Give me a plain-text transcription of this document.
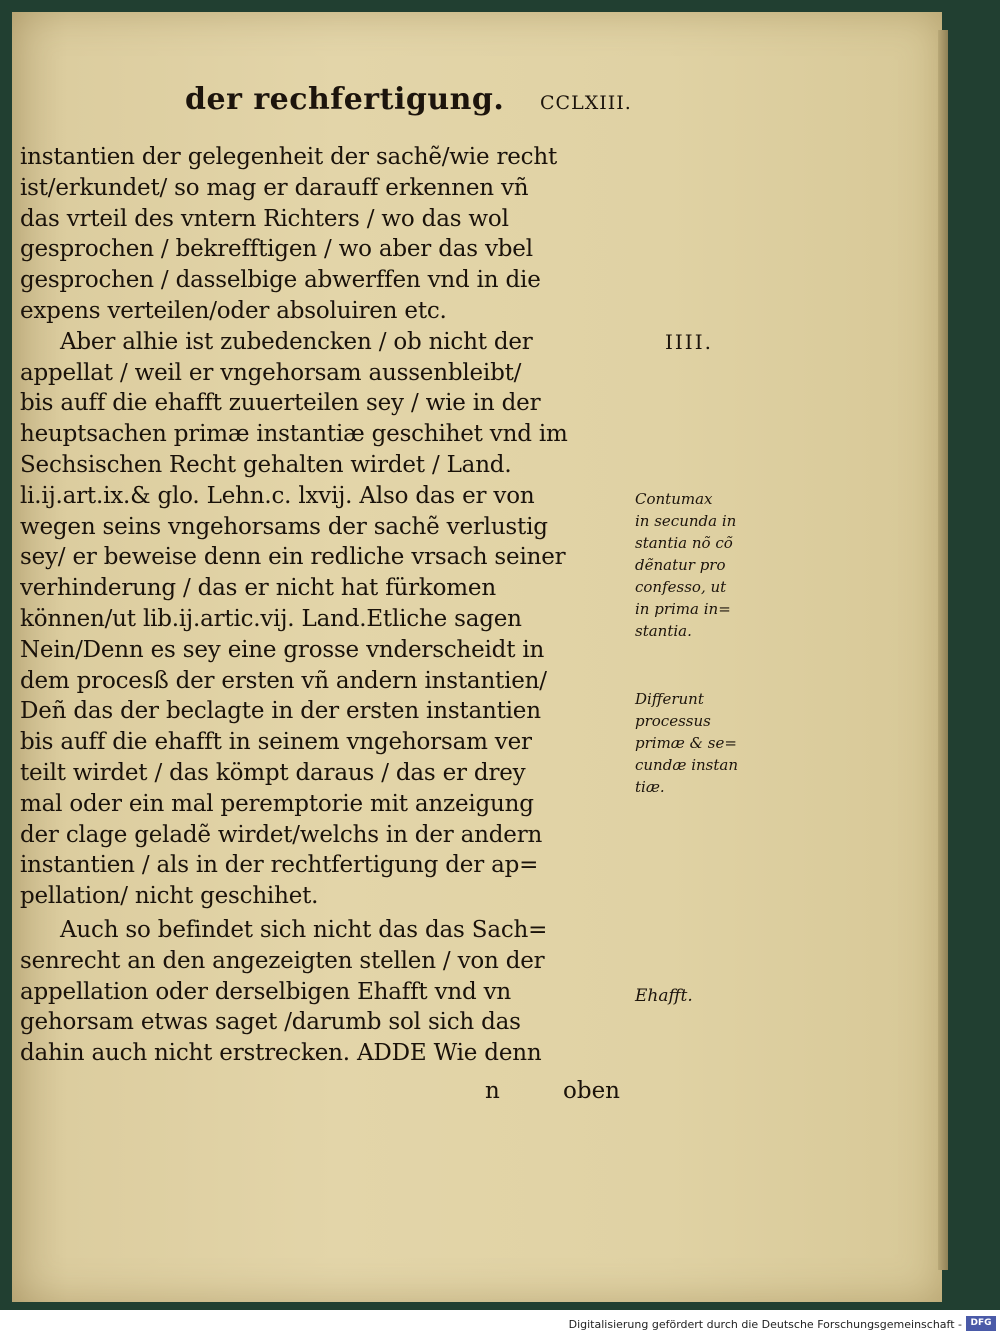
der rechfertigung. CCLXIII.
instantien der gelegenheit der sachẽ/wie recht
ist/erkundet/ so mag er darauff erkennen vñ
das vrteil des vntern Richters / wo das wol
gesprochen / bekrefftigen / wo aber das vbel
gesprochen / dasselbige abwerffen vnd in die
expens verteilen/oder absoluiren etc.
Aber alhie ist zubedencken / ob nicht der
appellat / weil er vngehorsam aussenbleibt/
bis auff die ehafft zuuerteilen sey / wie in der
heuptsachen primæ instantiæ geschihet vnd im
Sechsischen Recht gehalten wirdet / Land.
li.ij.art.ix.& glo. Lehn.c. lxvij. Also das er von
wegen seins vngehorsams der sachẽ verlustig
sey/ er beweise denn ein redliche vrsach seiner
verhinderung / das er nicht hat fürkomen
können/ut lib.ij.artic.vij. Land.Etliche sagen
Nein/Denn es sey eine grosse vnderscheidt in
dem procesß der ersten vñ andern instantien/
Deñ das der beclagte in der ersten instantien
bis auff die ehafft in seinem vngehorsam ver
teilt wirdet / das kömpt daraus / das er drey
mal oder ein mal peremptorie mit anzeigung
der clage geladẽ wirdet/welchs in der andern
instantien / als in der rechtfertigung der ap=
pellation/ nicht geschihet.
Auch so befindet sich nicht das das Sach=
senrecht an den angezeigten stellen / von der
appellation oder derselbigen Ehafft vnd vn
gehorsam etwas saget /darumb sol sich das
dahin auch nicht erstrecken. ADDE Wie denn
IIII.
Contumax
in secunda in
stantia nõ cõ
dẽnatur pro
confesso, ut
in prima in=
stantia.
Differunt
processus
primæ & se=
cundæ instan
tiæ.
Ehafft.
n	oben
Digitalisierung gefördert durch die Deutsche Forschungsgemeinschaft - DFG
